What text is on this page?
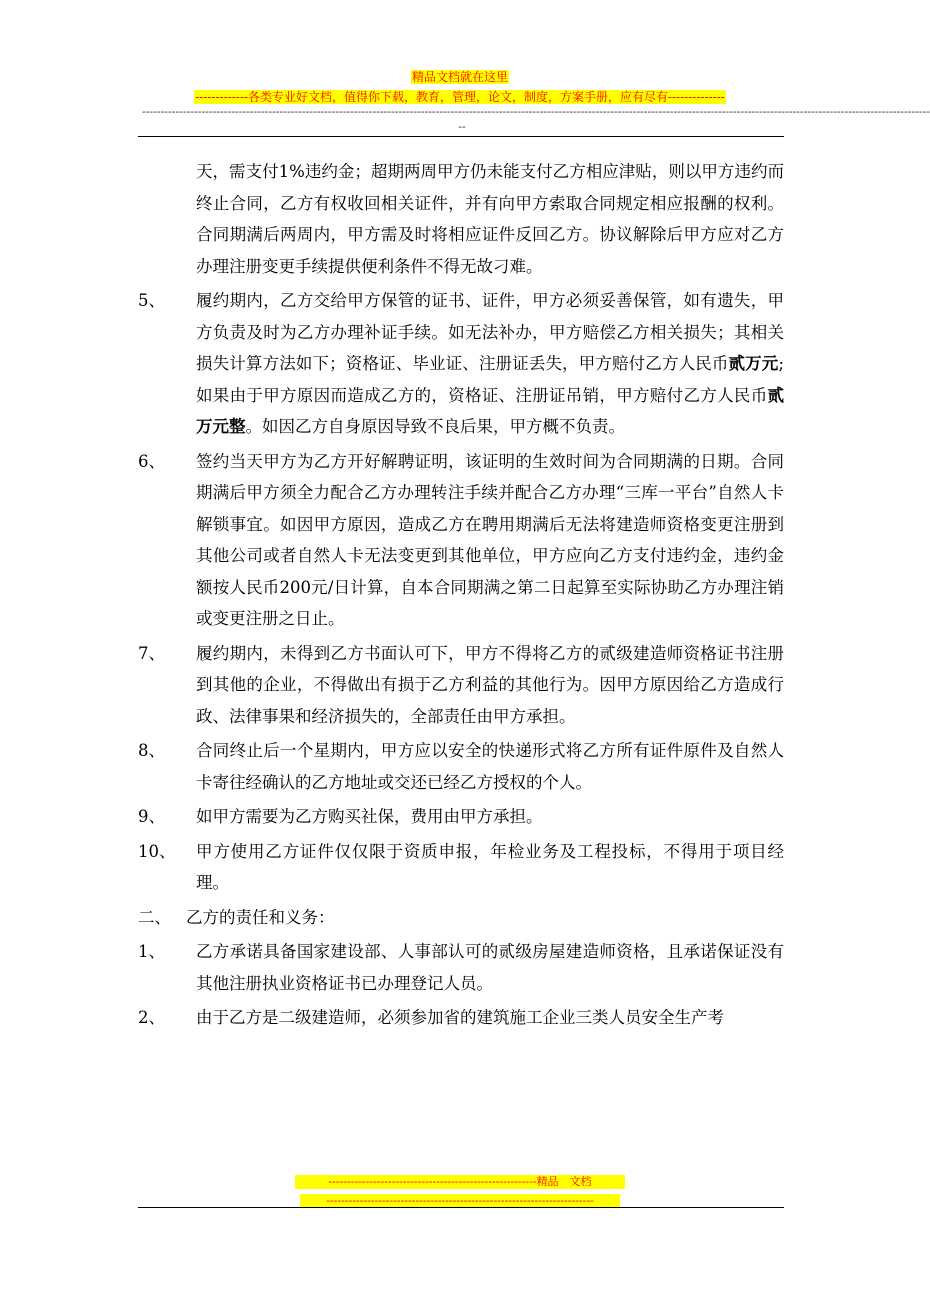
精品文档就在这里
-------------各类专业好文档，值得你下载，教育，管理，论文，制度，方案手册，应有尽有--------------
--------------------------------------------------------------------------------------------------------------------------------------------------------------------------------------------------------------------
--
天，需支付1%违约金；超期两周甲方仍未能支付乙方相应津贴，则以甲方违约而终止合同，乙方有权收回相关证件，并有向甲方索取合同规定相应报酬的权利。合同期满后两周内，甲方需及时将相应证件反回乙方。协议解除后甲方应对乙方办理注册变更手续提供便利条件不得无故刁难。
5、 履约期内，乙方交给甲方保管的证书、证件，甲方必须妥善保管，如有遗失，甲方负责及时为乙方办理补证手续。如无法补办，甲方赔偿乙方相关损失；其相关损失计算方法如下；资格证、毕业证、注册证丢失，甲方赔付乙方人民币贰万元; 如果由于甲方原因而造成乙方的，资格证、注册证吊销，甲方赔付乙方人民币贰万元整。如因乙方自身原因导致不良后果，甲方概不负责。
6、 签约当天甲方为乙方开好解聘证明，该证明的生效时间为合同期满的日期。合同期满后甲方须全力配合乙方办理转注手续并配合乙方办理“三库一平台”自然人卡解锁事宜。如因甲方原因，造成乙方在聘用期满后无法将建造师资格变更注册到其他公司或者自然人卡无法变更到其他单位，甲方应向乙方支付违约金，违约金额按人民币200元/日计算，自本合同期满之第二日起算至实际协助乙方办理注销或变更注册之日止。
7、 履约期内，未得到乙方书面认可下，甲方不得将乙方的贰级建造师资格证书注册到其他的企业，不得做出有损于乙方利益的其他行为。因甲方原因给乙方造成行政、法律事果和经济损失的，全部责任由甲方承担。
8、 合同终止后一个星期内，甲方应以安全的快递形式将乙方所有证件原件及自然人卡寄往经确认的乙方地址或交还已经乙方授权的个人。
9、 如甲方需要为乙方购买社保，费用由甲方承担。
10、 甲方使用乙方证件仅仅限于资质申报，年检业务及工程投标，不得用于项目经理。
二、 乙方的责任和义务：
1、 乙方承诺具备国家建设部、人事部认可的贰级房屋建造师资格，且承诺保证没有其他注册执业资格证书已办理登记人员。
2、 由于乙方是二级建造师，必须参加省的建筑施工企业三类人员安全生产考
--------------------------------------------------------精品　文档
------------------------------------------------------------------------
